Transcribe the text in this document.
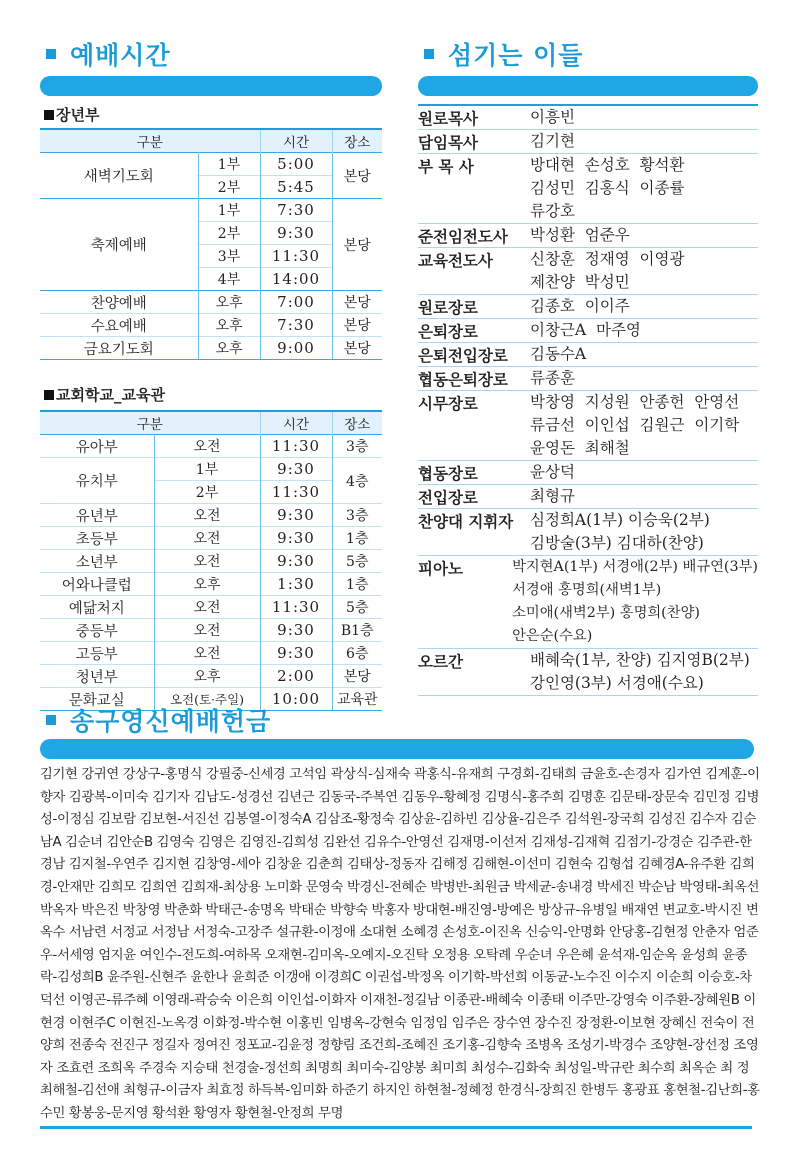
예배시간
장년부
구분		시간	장소
새벽기도회	1부	5:00	본당
	2부	5:45	
축제예배	1부	7:30	본당
	2부	9:30	
	3부	11:30	
	4부	14:00	
찬양예배	오후	7:00	본당
수요예배	오후	7:30	본당
금요기도회	오후	9:00	본당
교회학교_교육관
구분		시간	장소
유아부	오전	11:30	3층
유치부	1부	9:30	4층
	2부	11:30	
유년부	오전	9:30	3층
초등부	오전	9:30	1층
소년부	오전	9:30	5층
어와나클럽	오후	1:30	1층
예닮처지	오전	11:30	5층
중등부	오전	9:30	B1층
고등부	오전	9:30	6층
청년부	오후	2:00	본당
문화교실	오전(토·주일)	10:00	교육관
섬기는 이들
원로목사	이흥빈
담임목사	김기현
부 목 사	방대현  손성호  황석환
김성민  김홍식  이종률
류강호
준전임전도사	박성환  엄준우
교육전도사	신창훈  정재영  이영광
제찬양  박성민
원로장로	김종호  이이주
은퇴장로	이창근A  마주영
은퇴전입장로	김동수A
협동은퇴장로	류종훈
시무장로	박창영  지성원  안종헌  안영선
류금선  이인섭  김원근  이기학
윤영돈  최해철
협동장로	윤상덕
전입장로	최형규
찬양대 지휘자	심정희A(1부) 이승욱(2부)
김방술(3부) 김대하(찬양)
피아노	박지현A(1부) 서경애(2부) 배규연(3부)
서경애 홍명희(새벽1부)
소미애(새벽2부) 홍명희(찬양)
안은순(수요)
오르간	배혜숙(1부, 찬양) 김지영B(2부)
강인영(3부) 서경애(수요)
송구영신예배헌금
김기현 강귀연 강상구-홍명식 강필중-신세경 고석임 곽상식-심재숙 곽홍식-유재희 구경회-김태희 금윤호-손경자 김가연 김계훈-이향자 김광복-이미숙 김기자 김남도-성경선 김년근 김동국-주복연 김동우-황혜정 김명식-홍주희 김명훈 김문태-장문숙 김민정 김병성-이정심 김보람 김보현-서진선 김봉열-이정숙A 김삼조-황정숙 김상윤-김하빈 김상율-김은주 김석원-장국희 김성진 김수자 김순남A 김순녀 김안순B 김영숙 김영은 김영진-김희성 김완선 김유수-안영선 김재명-이선저 김재성-김재혁 김점기-강경순 김주관-한경남 김지철-우연주 김지현 김창영-세아 김창윤 김춘희 김태상-정동자 김해정 김해현-이선미 김현숙 김형섭 김혜경A-유주환 김희경-안재만 김희모 김희연 김희재-최상용 노미화 문영숙 박경신-전혜순 박병반-최원금 박세균-송내경 박세진 박순남 박영태-최옥선 박옥자 박은진 박창영 박춘화 박태근-송명옥 박태순 박향숙 박홍자 방대현-배진영-방예은 방상규-유병일 배재연 변교호-박시진 변옥수 서남련 서정교 서정남 서정숙-고장주 설규환-이정애 소대현 소혜경 손성호-이진옥 신승익-안명화 안당홍-김현정 안춘자 엄준우-서세영 엄지윤 여인수-전도희-여하목 오재현-김미옥-오예지-오진탁 오정용 오탁례 우순녀 우은혜 윤석재-임순옥 윤성희 윤종락-김성희B 윤주원-신현주 윤한나 윤희준 이갱애 이경희C 이권섭-박정옥 이기학-박선희 이동균-노수진 이수지 이순희 이승호-차덕선 이영곤-류주혜 이영래-곽승숙 이은희 이인섭-이화자 이재천-정길남 이종관-배혜숙 이종태 이주만-강영숙 이주환-장혜원B 이현경 이현주C 이현진-노옥경 이화정-박수현 이홍빈 임병옥-강현숙 임정임 임주은 장수연 장수진 장정환-이보현 장혜신 전숙이 전양희 전종숙 전진구 정길자 정여진 정포교-김윤정 정향림 조건희-조혜진 조기홍-김향숙 조병옥 조성기-박경수 조양현-장선정 조영자 조효련 조희옥 주경숙 지승태 천경술-정선희 최명희 최미숙-김양봉 최미희 최성수-김화숙 최성일-박규란 최수희 최옥순 최 정 최해철-김선애 최형규-이금자 최효정 하득복-임미화 하준기 하지인 하현철-정혜정 한경식-장희진 한병두 홍광표 홍현철-김난희-홍수민 황봉웅-문지영 황석환 황영자 황현철-안정희 무명
